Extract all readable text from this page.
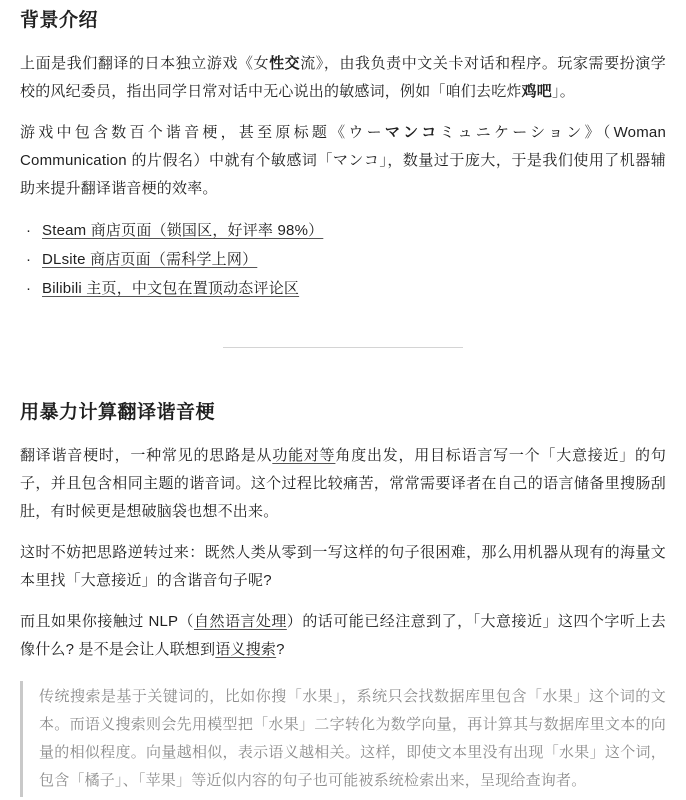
背景介绍

上面是我们翻译的日本独立游戏《女性交流》，由我负责中文关卡对话和程序。玩家需要扮演学校的风纪委员，指出同学日常对话中无心说出的敏感词，例如「咱们去吃炸鸡吧」。

游戏中包含数百个谐音梗，甚至原标题《ウーマンコミュニケーション》（Woman Communication 的片假名）中就有个敏感词「マンコ」，数量过于庞大，于是我们使用了机器辅助来提升翻译谐音梗的效率。

· Steam 商店页面（锁国区，好评率 98%）
· DLsite 商店页面（需科学上网）
· Bilibili 主页，中文包在置顶动态评论区
用暴力计算翻译谐音梗

翻译谐音梗时，一种常见的思路是从功能对等角度出发，用目标语言写一个「大意接近」的句子，并且包含相同主题的谐音词。这个过程比较痛苦，常常需要译者在自己的语言储备里搜肠刮肚，有时候更是想破脑袋也想不出来。

这时不妨把思路逆转过来：既然人类从零到一写这样的句子很困难，那么用机器从现有的海量文本里找「大意接近」的含谐音句子呢?

而且如果你接触过 NLP（自然语言处理）的话可能已经注意到了，「大意接近」这四个字听上去像什么? 是不是会让人联想到语义搜索?

传统搜索是基于关键词的，比如你搜「水果」，系统只会找数据库里包含「水果」这个词的文本。而语义搜索则会先用模型把「水果」二字转化为数学向量，再计算其与数据库里文本的向量的相似程度。向量越相似，表示语义越相关。这样，即使文本里没有出现「水果」这个词，包含「橘子」、「苹果」等近似内容的句子也可能被系统检索出来，呈现给查询者。
